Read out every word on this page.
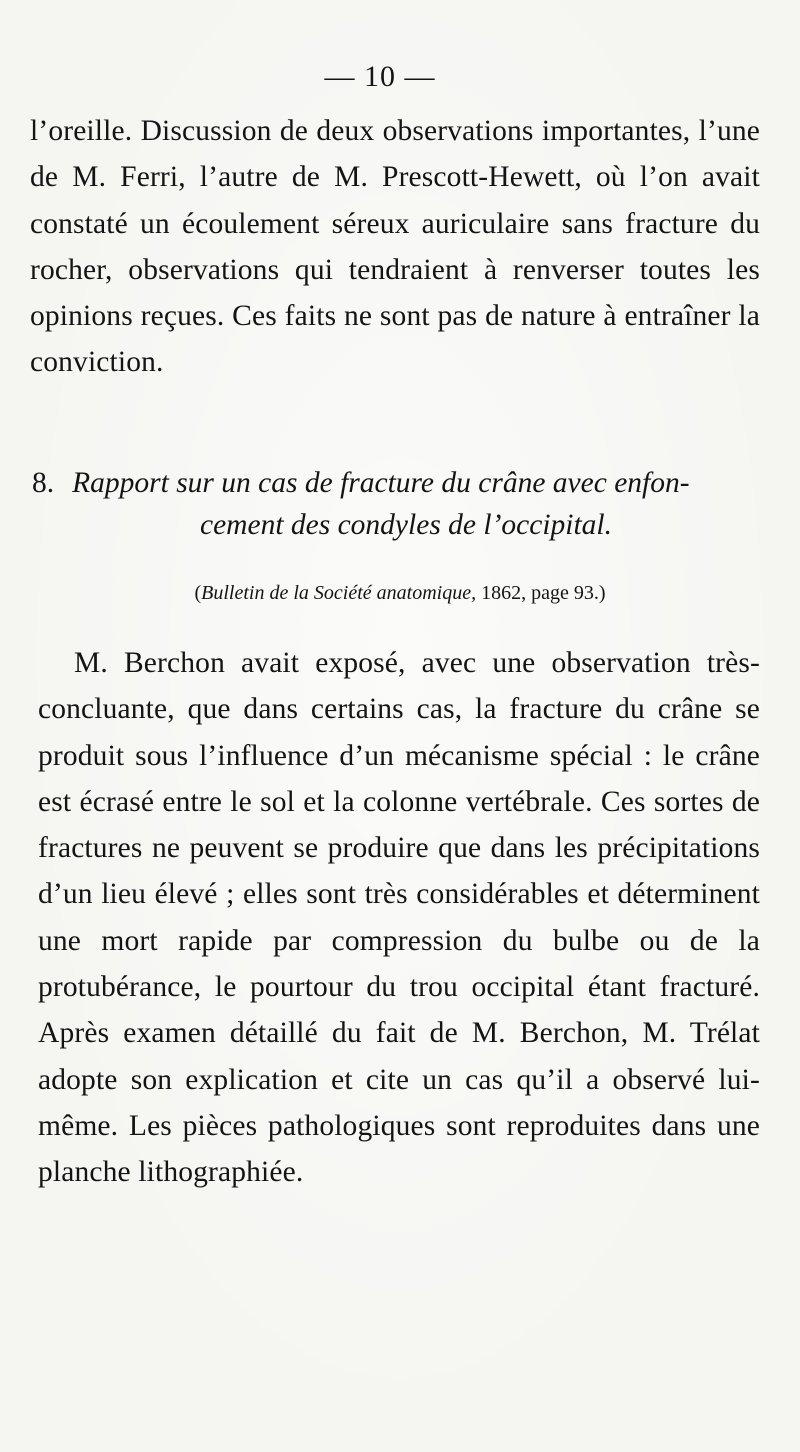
— 10 —

l’oreille. Discussion de deux observations importantes, l’une de M. Ferri, l’autre de M. Prescott-Hewett, où l’on avait constaté un écoulement séreux auriculaire sans fracture du rocher, observations qui tendraient à renverser toutes les opinions reçues. Ces faits ne sont pas de nature à entraîner la conviction.

8. Rapport sur un cas de fracture du crâne avec enfon-
cement des condyles de l’occipital.
(Bulletin de la Société anatomique, 1862, page 93.)

M. Berchon avait exposé, avec une observation très-concluante, que dans certains cas, la fracture du crâne se produit sous l’influence d’un mécanisme spécial : le crâne est écrasé entre le sol et la colonne vertébrale. Ces sortes de fractures ne peuvent se produire que dans les précipitations d’un lieu élevé ; elles sont très considérables et déterminent une mort rapide par compression du bulbe ou de la protubérance, le pourtour du trou occipital étant fracturé. Après examen détaillé du fait de M. Berchon, M. Trélat adopte son explication et cite un cas qu’il a observé lui-même. Les pièces pathologiques sont reproduites dans une planche lithographiée.
